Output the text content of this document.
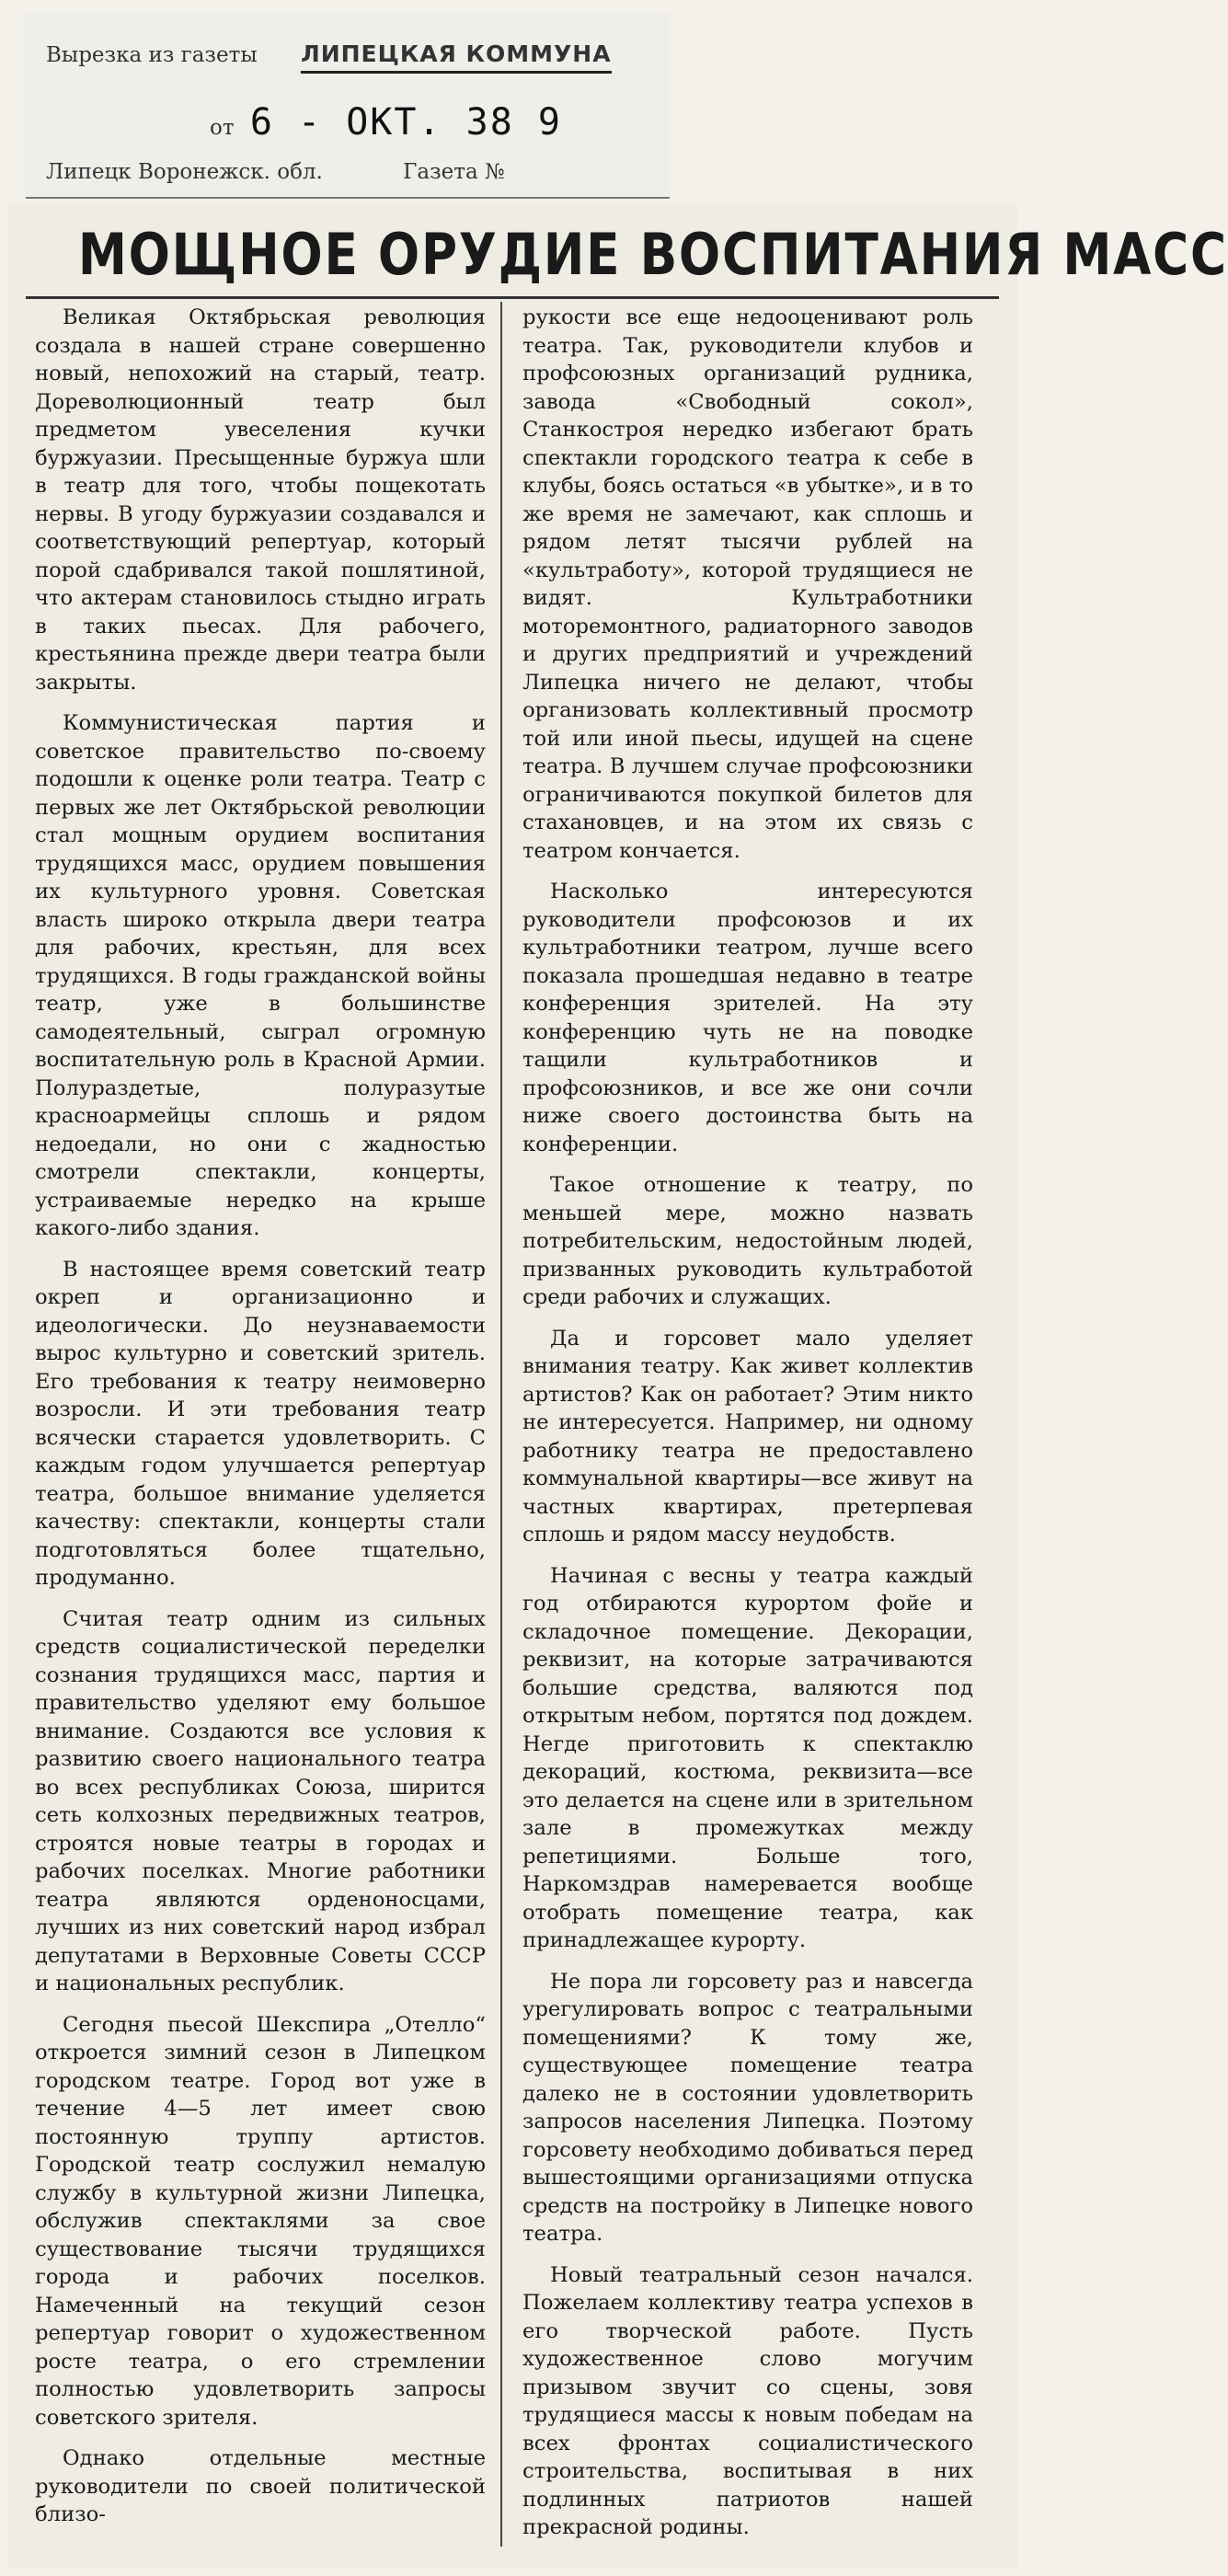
Вырезка из газеты ЛИПЕЦКАЯ КОММУНА
от 6 - ОКТ. 38 9
Липецк Воронежск. обл.	Газета №
МОЩНОЕ ОРУДИЕ ВОСПИТАНИЯ МАСС

Великая Октябрьская революция создала в нашей стране совершенно новый, непохожий на старый, театр. Дореволюционный театр был предметом увеселения кучки буржуазии. Пресыщенные буржуа шли в театр для того, чтобы пощекотать нервы. В угоду буржуазии создавался и соответствующий репертуар, который порой сдабривался такой пошлятиной, что актерам становилось стыдно играть в таких пьесах. Для рабочего, крестьянина прежде двери театра были закрыты.

Коммунистическая партия и советское правительство по-своему подошли к оценке роли театра. Театр с первых же лет Октябрьской революции стал мощным орудием воспитания трудящихся масс, орудием повышения их культурного уровня. Советская власть широко открыла двери театра для рабочих, крестьян, для всех трудящихся. В годы гражданской войны театр, уже в большинстве самодеятельный, сыграл огромную воспитательную роль в Красной Армии. Полураздетые, полуразутые красноармейцы сплошь и рядом недоедали, но они с жадностью смотрели спектакли, концерты, устраиваемые нередко на крыше какого-либо здания.

В настоящее время советский театр окреп и организационно и идеологически. До неузнаваемости вырос культурно и советский зритель. Его требования к театру неимоверно возросли. И эти требования театр всячески старается удовлетворить. С каждым годом улучшается репертуар театра, большое внимание уделяется качеству: спектакли, концерты стали подготовляться более тщательно, продуманно.

Считая театр одним из сильных средств социалистической переделки сознания трудящихся масс, партия и правительство уделяют ему большое внимание. Создаются все условия к развитию своего национального театра во всех республиках Союза, ширится сеть колхозных передвижных театров, строятся новые театры в городах и рабочих поселках. Многие работники театра являются орденоносцами, лучших из них советский народ избрал депутатами в Верховные Советы СССР и национальных республик.

Сегодня пьесой Шекспира „Отелло“ откроется зимний сезон в Липецком городском театре. Город вот уже в течение 4—5 лет имеет свою постоянную труппу артистов. Городской театр сослужил немалую службу в культурной жизни Липецка, обслужив спектаклями за свое существование тысячи трудящихся города и рабочих поселков. Намеченный на текущий сезон репертуар говорит о художественном росте театра, о его стремлении полностью удовлетворить запросы советского зрителя.

Однако отдельные местные руководители по своей политической близо-

рукости все еще недооценивают роль театра. Так, руководители клубов и профсоюзных организаций рудника, завода «Свободный сокол», Станкостроя нередко избегают брать спектакли городского театра к себе в клубы, боясь остаться «в убытке», и в то же время не замечают, как сплошь и рядом летят тысячи рублей на «культработу», которой трудящиеся не видят. Культработники моторемонтного, радиаторного заводов и других предприятий и учреждений Липецка ничего не делают, чтобы организовать коллективный просмотр той или иной пьесы, идущей на сцене театра. В лучшем случае профсоюзники ограничиваются покупкой билетов для стахановцев, и на этом их связь с театром кончается.

Насколько интересуются руководители профсоюзов и их культработники театром, лучше всего показала прошедшая недавно в театре конференция зрителей. На эту конференцию чуть не на поводке тащили культработников и профсоюзников, и все же они сочли ниже своего достоинства быть на конференции.

Такое отношение к театру, по меньшей мере, можно назвать потребительским, недостойным людей, призванных руководить культработой среди рабочих и служащих.

Да и горсовет мало уделяет внимания театру. Как живет коллектив артистов? Как он работает? Этим никто не интересуется. Например, ни одному работнику театра не предоставлено коммунальной квартиры—все живут на частных квартирах, претерпевая сплошь и рядом массу неудобств.

Начиная с весны у театра каждый год отбираются курортом фойе и складочное помещение. Декорации, реквизит, на которые затрачиваются большие средства, валяются под открытым небом, портятся под дождем. Негде приготовить к спектаклю декораций, костюма, реквизита—все это делается на сцене или в зрительном зале в промежутках между репетициями. Больше того, Наркомздрав намеревается вообще отобрать помещение театра, как принадлежащее курорту.

Не пора ли горсовету раз и навсегда урегулировать вопрос с театральными помещениями? К тому же, существующее помещение театра далеко не в состоянии удовлетворить запросов населения Липецка. Поэтому горсовету необходимо добиваться перед вышестоящими организациями отпуска средств на постройку в Липецке нового театра.

Новый театральный сезон начался. Пожелаем коллективу театра успехов в его творческой работе. Пусть художественное слово могучим призывом звучит со сцены, зовя трудящиеся массы к новым победам на всех фронтах социалистического строительства, воспитывая в них подлинных патриотов нашей прекрасной родины.
